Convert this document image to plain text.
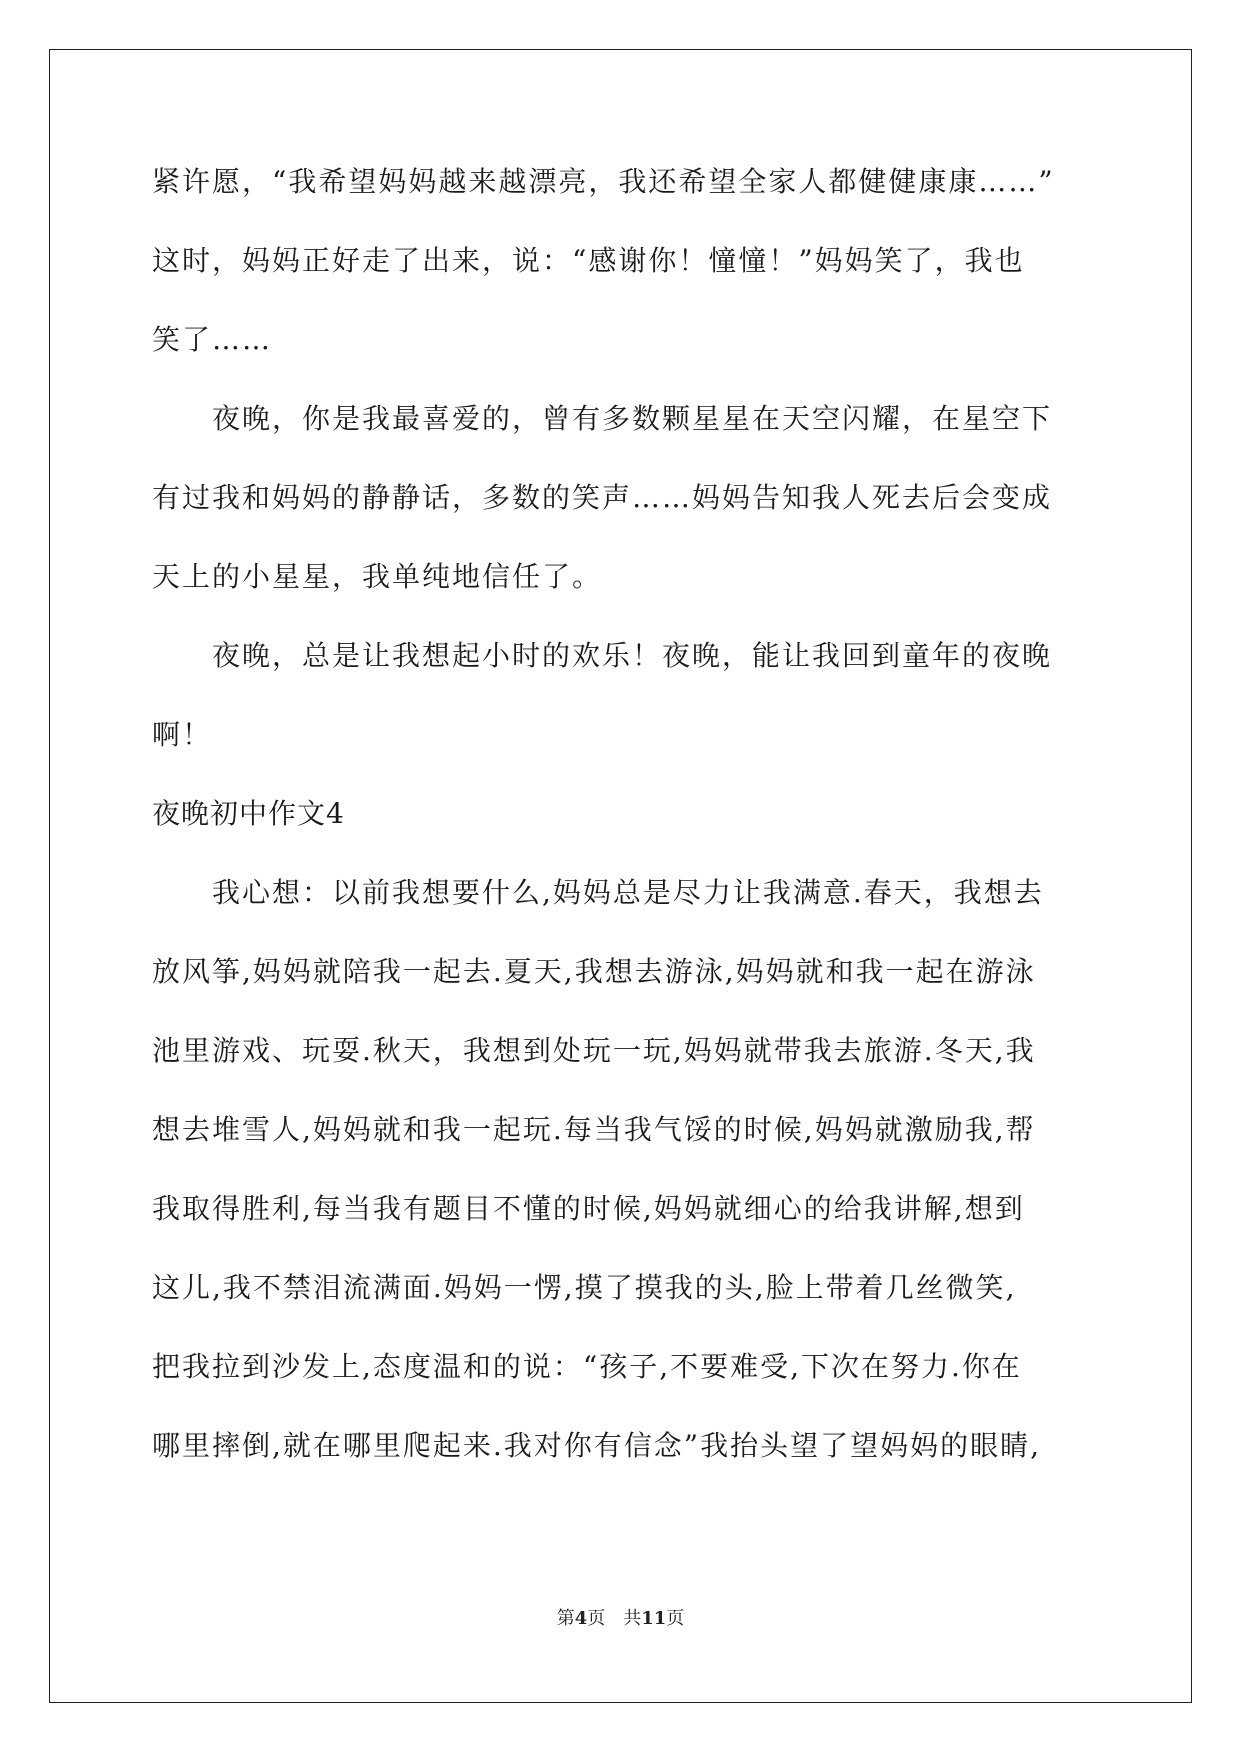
紧许愿，“我希望妈妈越来越漂亮，我还希望全家人都健健康康……”
这时，妈妈正好走了出来，说：“感谢你！憧憧！”妈妈笑了，我也
笑了……
　　夜晚，你是我最喜爱的，曾有多数颗星星在天空闪耀，在星空下
有过我和妈妈的静静话，多数的笑声……妈妈告知我人死去后会变成
天上的小星星，我单纯地信任了。
　　夜晚，总是让我想起小时的欢乐！夜晚，能让我回到童年的夜晚
啊！
夜晚初中作文4
　　我心想：以前我想要什么,妈妈总是尽力让我满意.春天，我想去
放风筝,妈妈就陪我一起去.夏天,我想去游泳,妈妈就和我一起在游泳
池里游戏、玩耍.秋天，我想到处玩一玩,妈妈就带我去旅游.冬天,我
想去堆雪人,妈妈就和我一起玩.每当我气馁的时候,妈妈就激励我,帮
我取得胜利,每当我有题目不懂的时候,妈妈就细心的给我讲解,想到
这儿,我不禁泪流满面.妈妈一愣,摸了摸我的头,脸上带着几丝微笑,
把我拉到沙发上,态度温和的说：“孩子,不要难受,下次在努力.你在
哪里摔倒,就在哪里爬起来.我对你有信念”我抬头望了望妈妈的眼睛,
第4页　共11页
